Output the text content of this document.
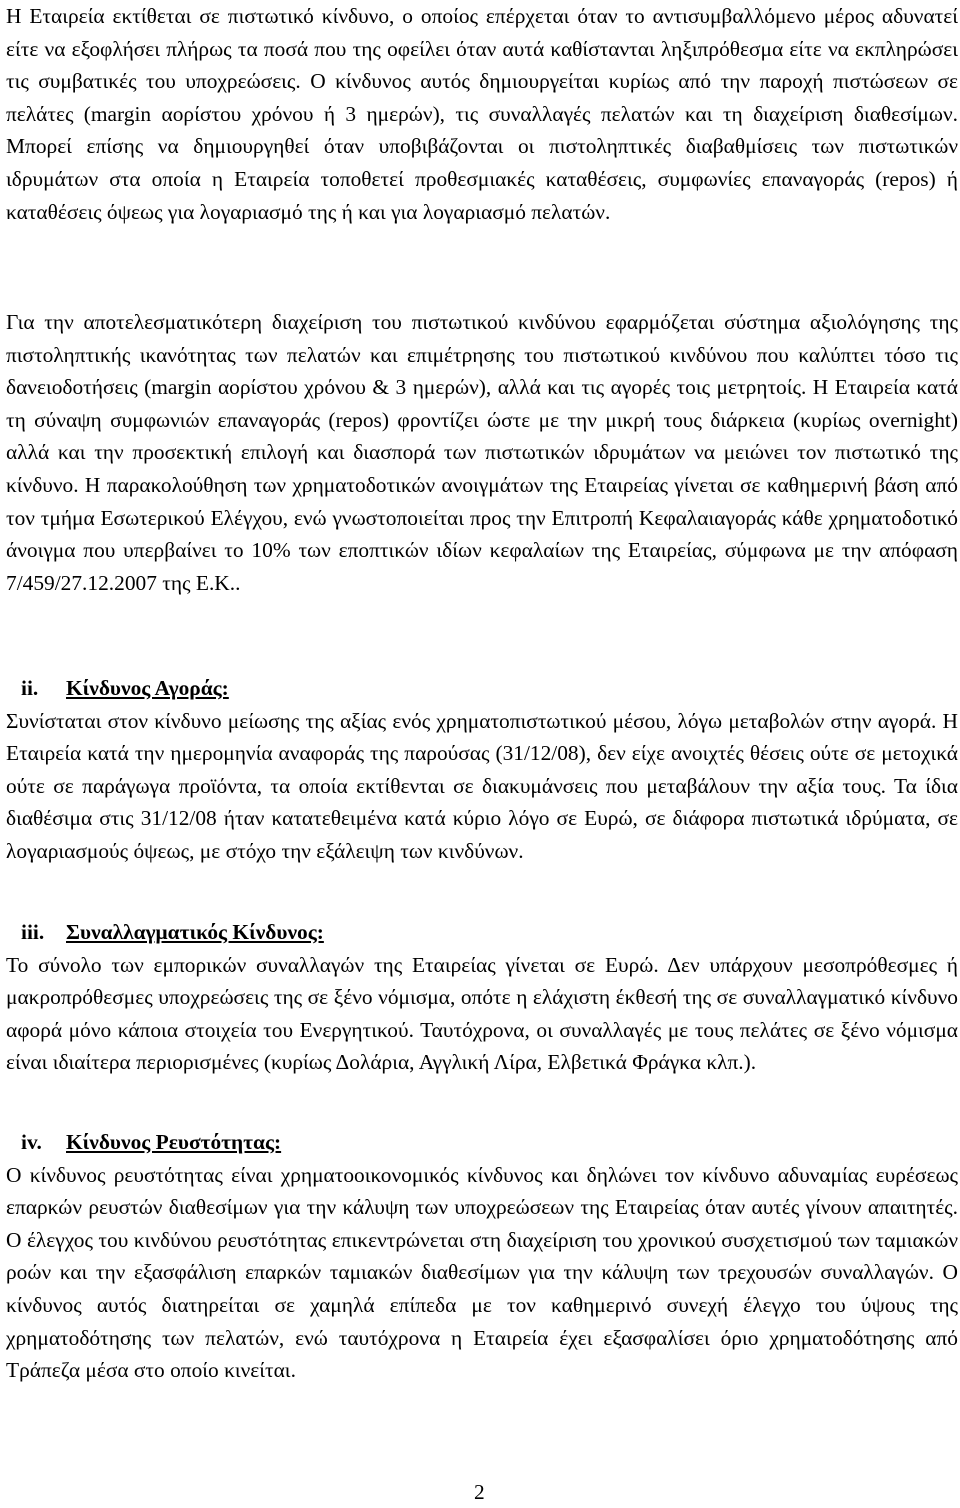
Η Εταιρεία εκτίθεται σε πιστωτικό κίνδυνο, ο οποίος επέρχεται όταν το αντισυμβαλλόμενο μέρος αδυνατεί είτε να εξοφλήσει πλήρως τα ποσά που της οφείλει όταν αυτά καθίστανται ληξιπρόθεσμα είτε να εκπληρώσει τις συμβατικές του υποχρεώσεις. Ο κίνδυνος αυτός δημιουργείται κυρίως από την παροχή πιστώσεων σε πελάτες (margin αορίστου χρόνου ή 3 ημερών), τις συναλλαγές πελατών και τη διαχείριση διαθεσίμων. Μπορεί επίσης να δημιουργηθεί όταν υποβιβάζονται οι πιστοληπτικές διαβαθμίσεις των πιστωτικών ιδρυμάτων στα οποία η Εταιρεία τοποθετεί προθεσμιακές καταθέσεις, συμφωνίες επαναγοράς (repos) ή καταθέσεις όψεως για λογαριασμό της ή και για λογαριασμό πελατών.

Για την αποτελεσματικότερη διαχείριση του πιστωτικού κινδύνου εφαρμόζεται σύστημα αξιολόγησης της πιστοληπτικής ικανότητας των πελατών και επιμέτρησης του πιστωτικού κινδύνου που καλύπτει τόσο τις δανειοδοτήσεις (margin αορίστου χρόνου & 3 ημερών), αλλά και τις αγορές τοις μετρητοίς. Η Εταιρεία κατά τη σύναψη συμφωνιών επαναγοράς (repos) φροντίζει ώστε με την μικρή τους διάρκεια (κυρίως overnight) αλλά και την προσεκτική επιλογή και διασπορά των πιστωτικών ιδρυμάτων να μειώνει τον πιστωτικό της κίνδυνο. Η παρακολούθηση των χρηματοδοτικών ανοιγμάτων της Εταιρείας γίνεται σε καθημερινή βάση από τον τμήμα Εσωτερικού Ελέγχου, ενώ γνωστοποιείται προς την Επιτροπή Κεφαλαιαγοράς κάθε χρηματοδοτικό άνοιγμα που υπερβαίνει το 10% των εποπτικών ιδίων κεφαλαίων της Εταιρείας, σύμφωνα με την απόφαση 7/459/27.12.2007 της Ε.Κ..

ii. Κίνδυνος Αγοράς:

Συνίσταται στον κίνδυνο μείωσης της αξίας ενός χρηματοπιστωτικού μέσου, λόγω μεταβολών στην αγορά. Η Εταιρεία κατά την ημερομηνία αναφοράς της παρούσας (31/12/08), δεν είχε ανοιχτές θέσεις ούτε σε μετοχικά ούτε σε παράγωγα προϊόντα, τα οποία εκτίθενται σε διακυμάνσεις που μεταβάλουν την αξία τους. Τα ίδια διαθέσιμα στις 31/12/08 ήταν κατατεθειμένα κατά κύριο λόγο σε Ευρώ, σε διάφορα πιστωτικά ιδρύματα, σε λογαριασμούς όψεως, με στόχο την εξάλειψη των κινδύνων.

iii. Συναλλαγματικός Κίνδυνος:

Το σύνολο των εμπορικών συναλλαγών της Εταιρείας γίνεται σε Ευρώ. Δεν υπάρχουν μεσοπρόθεσμες ή μακροπρόθεσμες υποχρεώσεις της σε ξένο νόμισμα, οπότε η ελάχιστη έκθεσή της σε συναλλαγματικό κίνδυνο αφορά μόνο κάποια στοιχεία του Ενεργητικού. Ταυτόχρονα, οι συναλλαγές με τους πελάτες σε ξένο νόμισμα είναι ιδιαίτερα περιορισμένες (κυρίως Δολάρια, Αγγλική Λίρα, Ελβετικά Φράγκα κλπ.).

iv. Κίνδυνος Ρευστότητας:

Ο κίνδυνος ρευστότητας είναι χρηματοοικονομικός κίνδυνος και δηλώνει τον κίνδυνο αδυναμίας ευρέσεως επαρκών ρευστών διαθεσίμων για την κάλυψη των υποχρεώσεων της Εταιρείας όταν αυτές γίνουν απαιτητές. Ο έλεγχος του κινδύνου ρευστότητας επικεντρώνεται στη διαχείριση του χρονικού συσχετισμού των ταμιακών ροών και την εξασφάλιση επαρκών ταμιακών διαθεσίμων για την κάλυψη των τρεχουσών συναλλαγών. Ο κίνδυνος αυτός διατηρείται σε χαμηλά επίπεδα με τον καθημερινό συνεχή έλεγχο του ύψους της χρηματοδότησης των πελατών, ενώ ταυτόχρονα η Εταιρεία έχει εξασφαλίσει όριο χρηματοδότησης από Τράπεζα μέσα στο οποίο κινείται.

2
